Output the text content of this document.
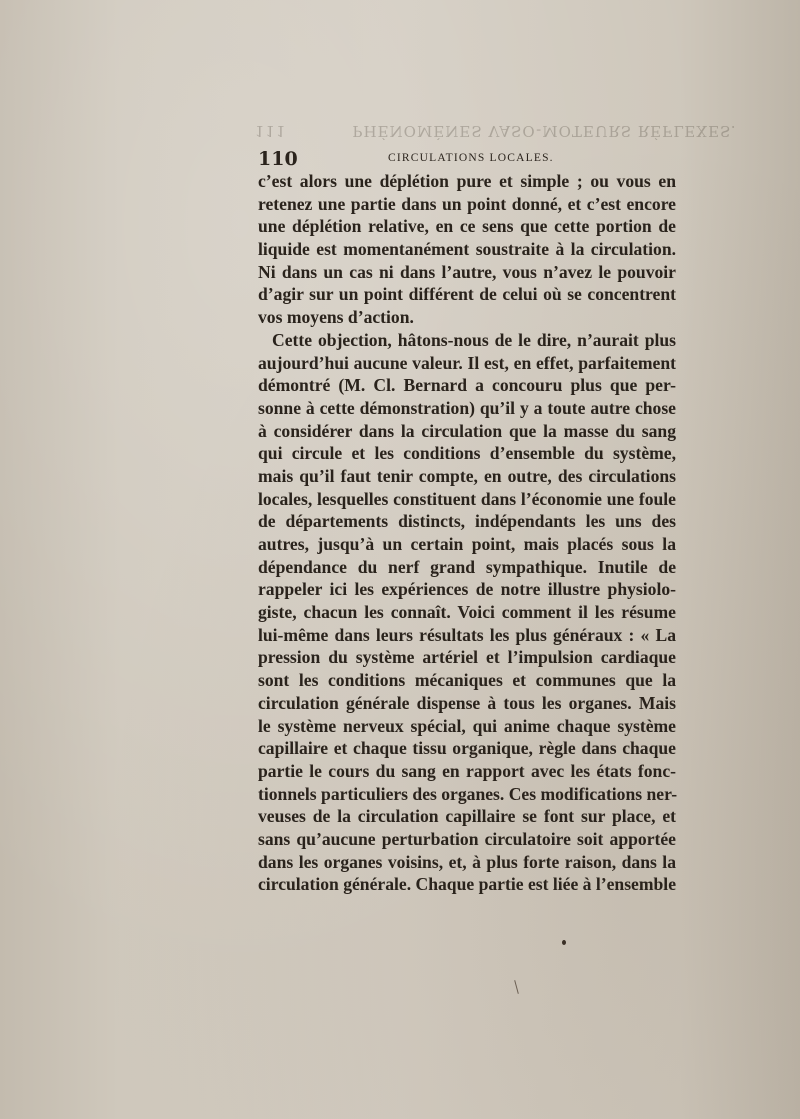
111	PHÉNOMÈNES VASO-MOTEURS RÉFLEXES.
110	CIRCULATIONS LOCALES.
c’est alors une déplétion pure et simple ; ou vous en
retenez une partie dans un point donné, et c’est encore
une déplétion relative, en ce sens que cette portion de
liquide est momentanément soustraite à la circulation.
Ni dans un cas ni dans l’autre, vous n’avez le pouvoir
d’agir sur un point différent de celui où se concentrent
vos moyens d’action.
Cette objection, hâtons-nous de le dire, n’aurait plus
aujourd’hui aucune valeur. Il est, en effet, parfaitement
démontré (M. Cl. Bernard a concouru plus que per-
sonne à cette démonstration) qu’il y a toute autre chose
à considérer dans la circulation que la masse du sang
qui circule et les conditions d’ensemble du système,
mais qu’il faut tenir compte, en outre, des circulations
locales, lesquelles constituent dans l’économie une foule
de départements distincts, indépendants les uns des
autres, jusqu’à un certain point, mais placés sous la
dépendance du nerf grand sympathique. Inutile de
rappeler ici les expériences de notre illustre physiolo-
giste, chacun les connaît. Voici comment il les résume
lui-même dans leurs résultats les plus généraux : « La
pression du système artériel et l’impulsion cardiaque
sont les conditions mécaniques et communes que la
circulation générale dispense à tous les organes. Mais
le système nerveux spécial, qui anime chaque système
capillaire et chaque tissu organique, règle dans chaque
partie le cours du sang en rapport avec les états fonc-
tionnels particuliers des organes. Ces modifications ner-
veuses de la circulation capillaire se font sur place, et
sans qu’aucune perturbation circulatoire soit apportée
dans les organes voisins, et, à plus forte raison, dans la
circulation générale. Chaque partie est liée à l’ensemble
